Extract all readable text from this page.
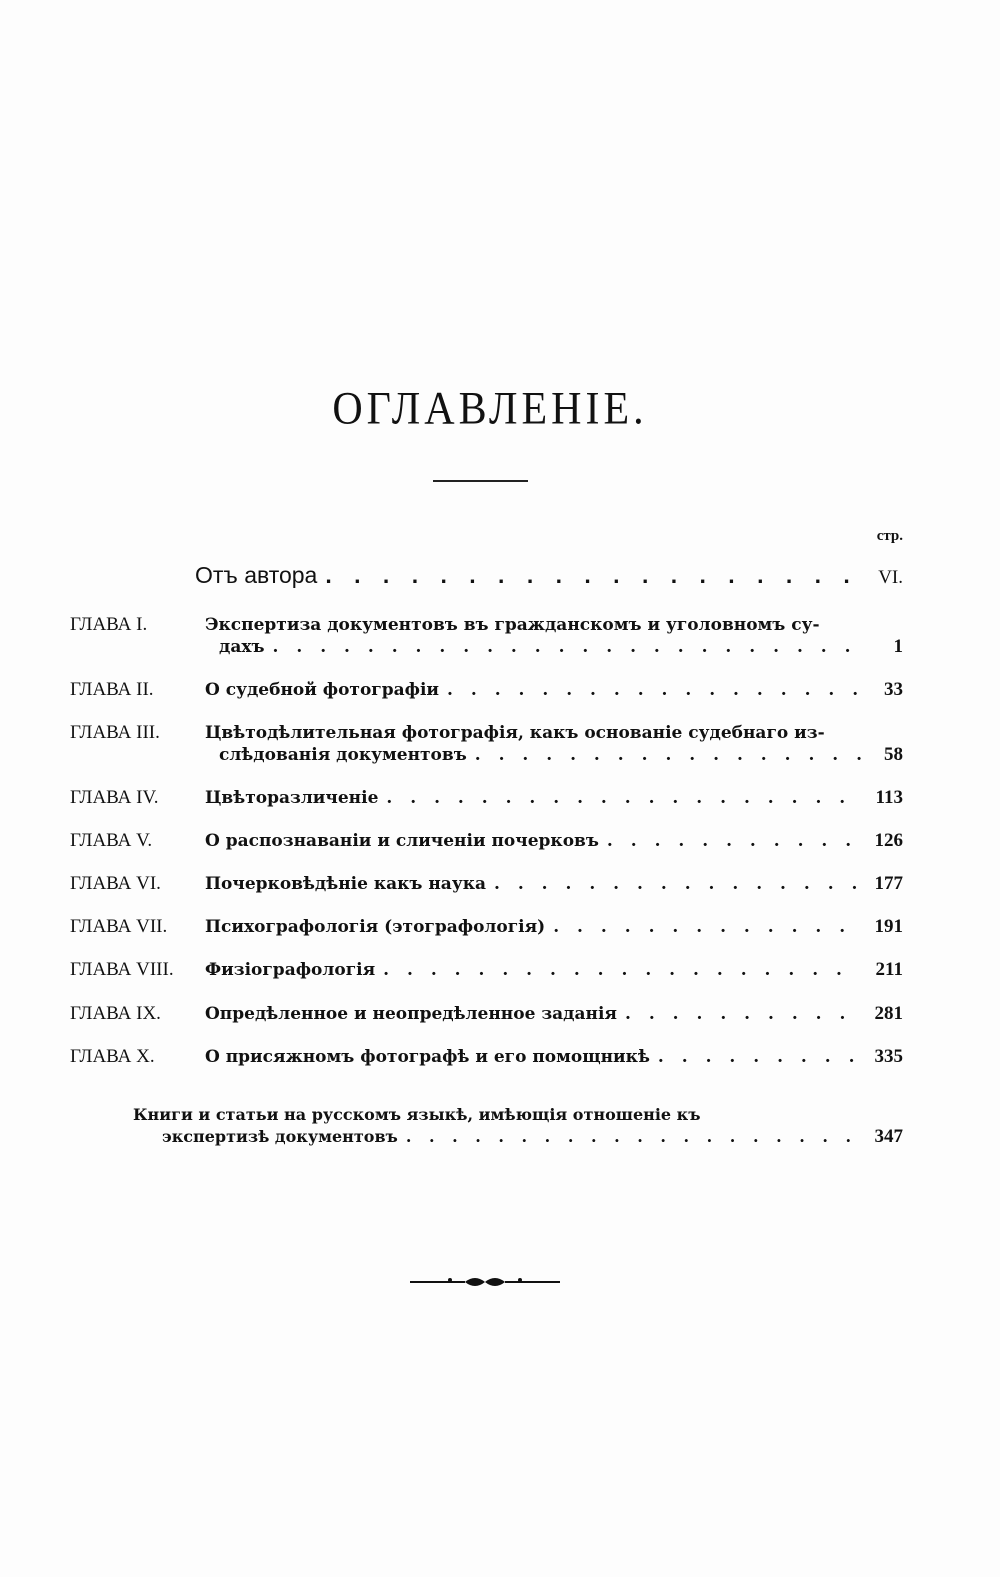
ОГЛАВЛЕНІЕ.
стр.
Отъ автора . . .	VI.
ГЛАВА I.	Экспертиза документовъ въ гражданскомъ и уголовномъ су-
дахъ . . .	1
ГЛАВА II.	О судебной фотографіи . . .	33
ГЛАВА III.	Цвѣтодѣлительная фотографія, какъ основаніе судебнаго из-
слѣдованія документовъ . . .	58
ГЛАВА IV.	Цвѣторазличеніе . . .	113
ГЛАВА V.	О распознаваніи и сличеніи почерковъ . . .	126
ГЛАВА VI.	Почерковѣдѣніе какъ наука . . .	177
ГЛАВА VII. Психографологія (этографологія) . . .	191
ГЛАВА VIII. Физіографологія . . .	211
ГЛАВА IX.	Опредѣленное и неопредѣленное заданія . . .	281
ГЛАВА X.	О присяжномъ фотографѣ и его помощникѣ . . .	335
Книги и статьи на русскомъ языкѣ, имѣющія отношеніе къ
экспертизѣ документовъ . . .	347
